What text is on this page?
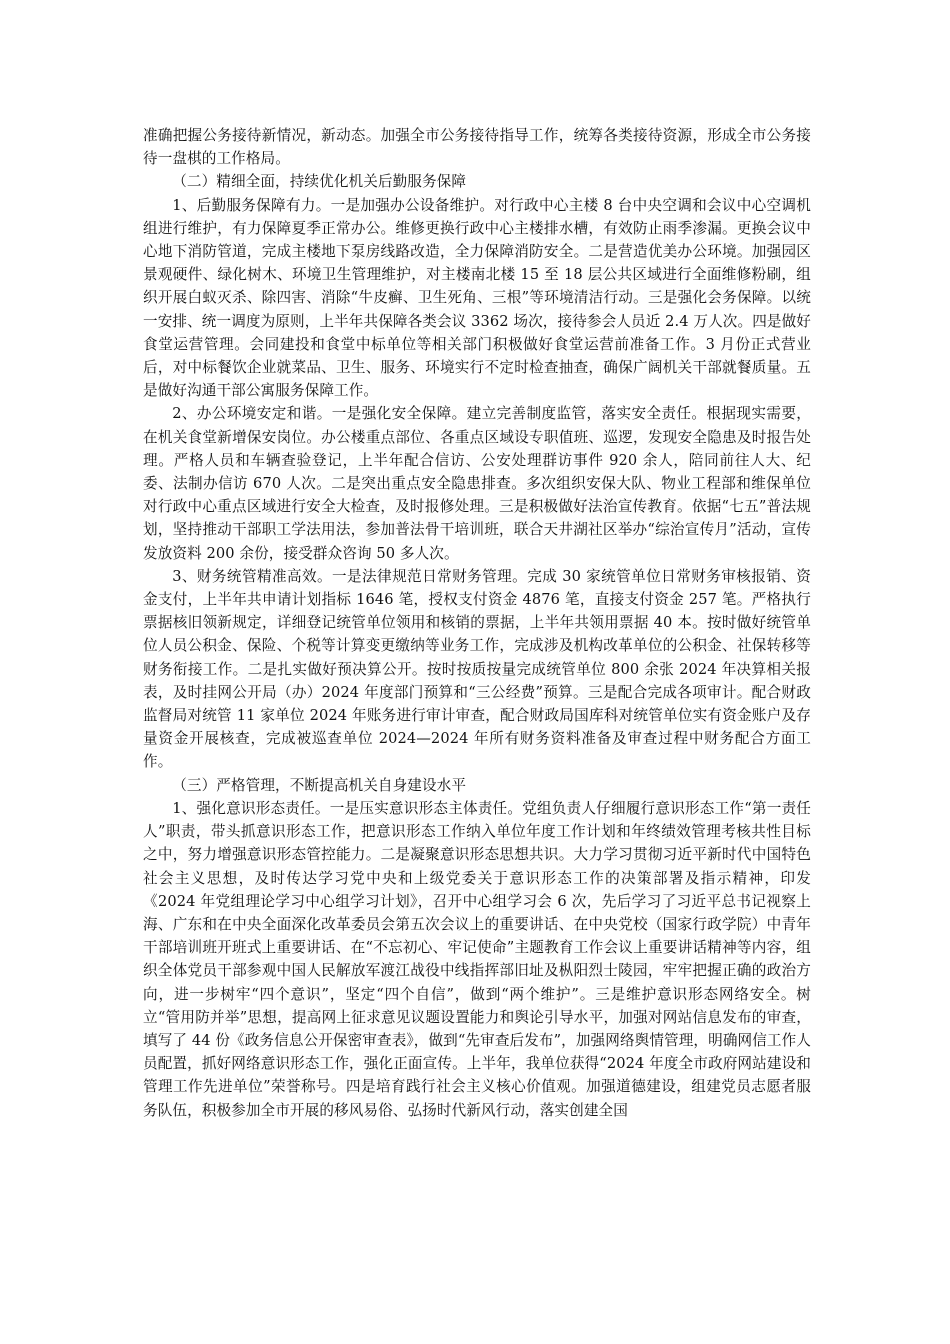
准确把握公务接待新情况，新动态。加强全市公务接待指导工作，统筹各类接待资源，形成全市公务接待一盘棋的工作格局。

（二）精细全面，持续优化机关后勤服务保障

1、后勤服务保障有力。一是加强办公设备维护。对行政中心主楼 8 台中央空调和会议中心空调机组进行维护，有力保障夏季正常办公。维修更换行政中心主楼排水槽，有效防止雨季渗漏。更换会议中心地下消防管道，完成主楼地下泵房线路改造，全力保障消防安全。二是营造优美办公环境。加强园区景观硬件、绿化树木、环境卫生管理维护，对主楼南北楼 15 至 18 层公共区域进行全面维修粉刷，组织开展白蚁灭杀、除四害、消除“牛皮癣、卫生死角、三根”等环境清洁行动。三是强化会务保障。以统一安排、统一调度为原则，上半年共保障各类会议 3362 场次，接待参会人员近 2.4 万人次。四是做好食堂运营管理。会同建投和食堂中标单位等相关部门积极做好食堂运营前准备工作。3 月份正式营业后，对中标餐饮企业就菜品、卫生、服务、环境实行不定时检查抽查，确保广阔机关干部就餐质量。五是做好沟通干部公寓服务保障工作。

2、办公环境安定和谐。一是强化安全保障。建立完善制度监管，落实安全责任。根据现实需要，在机关食堂新增保安岗位。办公楼重点部位、各重点区域设专职值班、巡逻，发现安全隐患及时报告处理。严格人员和车辆查验登记，上半年配合信访、公安处理群访事件 920 余人，陪同前往人大、纪委、法制办信访 670 人次。二是突出重点安全隐患排查。多次组织安保大队、物业工程部和维保单位对行政中心重点区域进行安全大检查，及时报修处理。三是积极做好法治宣传教育。依据“七五”普法规划，坚持推动干部职工学法用法，参加普法骨干培训班，联合天井湖社区举办“综治宣传月”活动，宣传发放资料 200 余份，接受群众咨询 50 多人次。

3、财务统管精准高效。一是法律规范日常财务管理。完成 30 家统管单位日常财务审核报销、资金支付，上半年共申请计划指标 1646 笔，授权支付资金 4876 笔，直接支付资金 257 笔。严格执行票据核旧领新规定，详细登记统管单位领用和核销的票据，上半年共领用票据 40 本。按时做好统管单位人员公积金、保险、个税等计算变更缴纳等业务工作，完成涉及机构改革单位的公积金、社保转移等财务衔接工作。二是扎实做好预决算公开。按时按质按量完成统管单位 800 余张 2024 年决算相关报表，及时挂网公开局（办）2024 年度部门预算和“三公经费”预算。三是配合完成各项审计。配合财政监督局对统管 11 家单位 2024 年账务进行审计审查，配合财政局国库科对统管单位实有资金账户及存量资金开展核查，完成被巡查单位 2024—2024 年所有财务资料准备及审查过程中财务配合方面工作。

（三）严格管理，不断提高机关自身建设水平

1、强化意识形态责任。一是压实意识形态主体责任。党组负责人仔细履行意识形态工作“第一责任人”职责，带头抓意识形态工作，把意识形态工作纳入单位年度工作计划和年终绩效管理考核共性目标之中，努力增强意识形态管控能力。二是凝聚意识形态思想共识。大力学习贯彻习近平新时代中国特色社会主义思想，及时传达学习党中央和上级党委关于意识形态工作的决策部署及指示精神，印发《2024 年党组理论学习中心组学习计划》，召开中心组学习会 6 次，先后学习了习近平总书记视察上海、广东和在中央全面深化改革委员会第五次会议上的重要讲话、在中央党校（国家行政学院）中青年干部培训班开班式上重要讲话、在“不忘初心、牢记使命”主题教育工作会议上重要讲话精神等内容，组织全体党员干部参观中国人民解放军渡江战役中线指挥部旧址及枞阳烈士陵园，牢牢把握正确的政治方向，进一步树牢“四个意识”，坚定“四个自信”，做到“两个维护”。三是维护意识形态网络安全。树立“管用防并举”思想，提高网上征求意见议题设置能力和舆论引导水平，加强对网站信息发布的审查，填写了 44 份《政务信息公开保密审查表》，做到“先审查后发布”，加强网络舆情管理，明确网信工作人员配置，抓好网络意识形态工作，强化正面宣传。上半年，我单位获得“2024 年度全市政府网站建设和管理工作先进单位”荣誉称号。四是培育践行社会主义核心价值观。加强道德建设，组建党员志愿者服务队伍，积极参加全市开展的移风易俗、弘扬时代新风行动，落实创建全国
